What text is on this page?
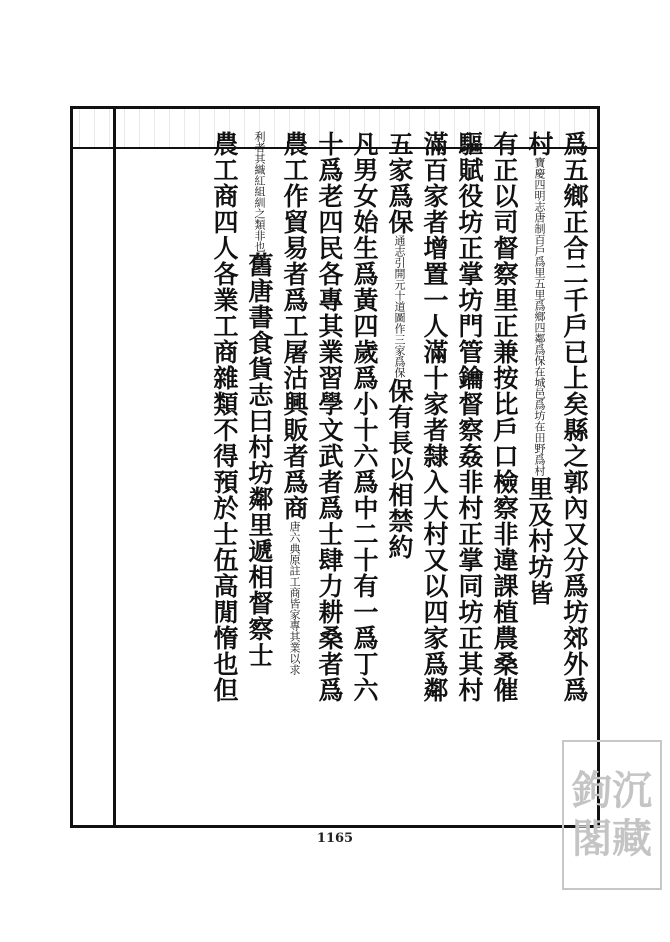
爲五鄉正合二千戶已上矣縣之郭內又分爲坊郊外爲
村寶慶四明志唐制百戶爲里五里爲鄉四鄰爲保在城邑爲坊在田野爲村里及村坊皆
有正以司督察里正兼按比戶口檢察非違課植農桑催
驅賦役坊正掌坊門管鑰督察姦非村正掌同坊正其村
滿百家者增置一人滿十家者隸入大村又以四家爲鄰
五家爲保通志引開元十道圖作三家爲保保有長以相禁約
凡男女始生爲黃四歲爲小十六爲中二十有一爲丁六
十爲老四民各專其業習學文武者爲士肆力耕桑者爲
農工作貿易者爲工屠沽興販者爲商唐六典原註工商皆家專其業以求
利者其織紅組紃之類非也舊唐書食貨志曰村坊鄰里遞相督察士
農工商四人各業工商雜類不得預於士伍高閒惰也但
1165
鉤沉
閣藏
